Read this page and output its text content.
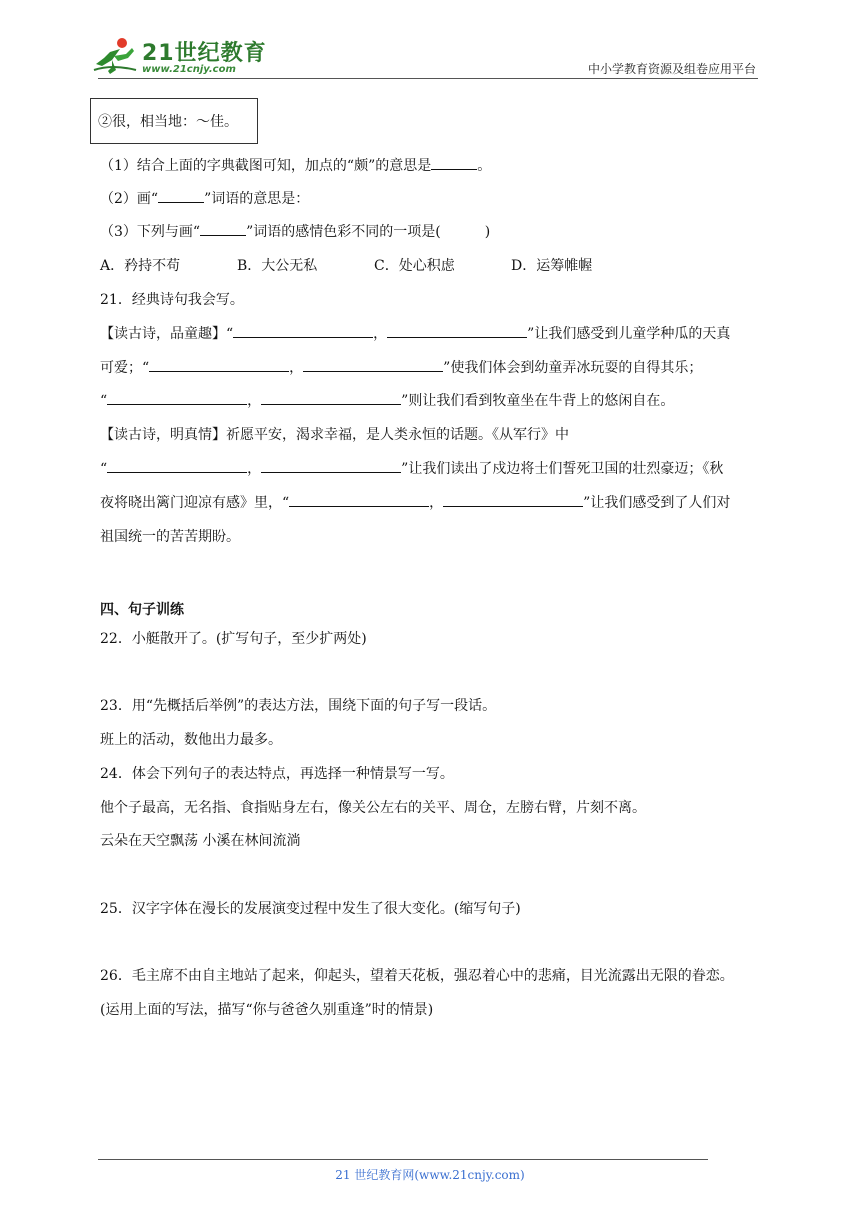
21世纪教育
www.21cnjy.com	中小学教育资源及组卷应用平台
②很，相当地：～佳。
（1）结合上面的字典截图可知，加点的“颇”的意思是	。
（2）画“	”词语的意思是：
（3）下列与画“	”词语的感情色彩不同的一项是(	)
A．矜持不苟	B．大公无私	C．处心积虑	D．运筹帷幄
21．经典诗句我会写。
【读古诗，品童趣】“	，	”让我们感受到儿童学种瓜的天真
可爱；“	，	”使我们体会到幼童弄冰玩耍的自得其乐；
“	，	”则让我们看到牧童坐在牛背上的悠闲自在。
【读古诗，明真情】祈愿平安，渴求幸福，是人类永恒的话题。《从军行》中
“	，	”让我们读出了戍边将士们誓死卫国的壮烈豪迈；《秋
夜将晓出篱门迎凉有感》里，“	，	”让我们感受到了人们对
祖国统一的苦苦期盼。
四、句子训练
22．小艇散开了。(扩写句子，至少扩两处)
23．用“先概括后举例”的表达方法，围绕下面的句子写一段话。
班上的活动，数他出力最多。
24．体会下列句子的表达特点，再选择一种情景写一写。
他个子最高，无名指、食指贴身左右，像关公左右的关平、周仓，左膀右臂，片刻不离。
云朵在天空飘荡 小溪在林间流淌
25．汉字字体在漫长的发展演变过程中发生了很大变化。(缩写句子)
26．毛主席不由自主地站了起来，仰起头，望着天花板，强忍着心中的悲痛，目光流露出无限的眷恋。
(运用上面的写法，描写“你与爸爸久别重逢”时的情景)
21 世纪教育网(www.21cnjy.com)
